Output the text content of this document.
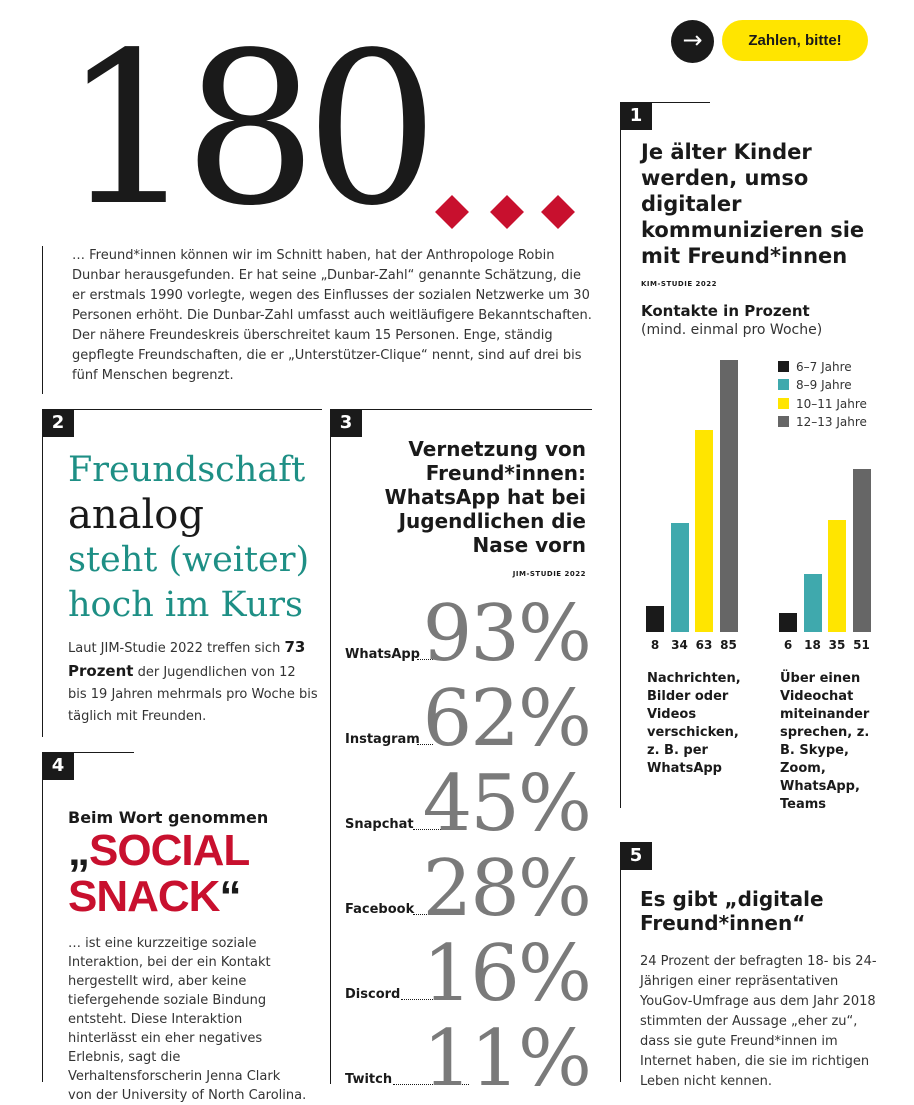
→	Zahlen, bitte!
180
… Freund*innen können wir im Schnitt haben, hat der Anthropologe Robin Dunbar herausgefunden. Er hat seine „Dunbar-Zahl“ genannte Schätzung, die er erstmals 1990 vorlegte, wegen des Einflusses der sozialen Netzwerke um 30 Personen erhöht. Die Dunbar-Zahl umfasst auch weitläufigere Bekanntschaften. Der nähere Freundeskreis überschreitet kaum 15 Personen. Enge, ständig gepflegte Freundschaften, die er „Unterstützer-Clique“ nennt, sind auf drei bis fünf Menschen begrenzt.
2
Freundschaft
analog
steht (weiter)
hoch im Kurs
Laut JIM-Studie 2022 treffen sich 73 Prozent der Jugendlichen von 12 bis 19 Jahren mehrmals pro Woche bis täglich mit Freunden.
4
Beim Wort genommen
„SOCIAL
SNACK“
… ist eine kurzzeitige soziale Interaktion, bei der ein Kontakt hergestellt wird, aber keine tiefergehende soziale Bindung entsteht. Diese Interaktion hinterlässt ein eher negatives Erlebnis, sagt die Verhaltensforscherin Jenna Clark von der University of North Carolina.
3
Vernetzung von Freund*innen: WhatsApp hat bei Jugendlichen die Nase vorn
JIM-STUDIE 2022
WhatsApp 93%
Instagram 62%
Snapchat 45%
Facebook 28%
Discord 16%
Twitch 11%
1
Je älter Kinder werden, umso digitaler kommunizieren sie mit Freund*innen
KIM-STUDIE 2022
Kontakte in Prozent
(mind. einmal pro Woche)
6–7 Jahre
8–9 Jahre
10–11 Jahre
12–13 Jahre
8 34 63 85	6 18 35 51
Nachrichten, Bilder oder Videos verschicken, z. B. per WhatsApp
Über einen Videochat miteinander sprechen, z. B. Skype, Zoom, WhatsApp, Teams
5
Es gibt „digitale Freund*innen“
24 Prozent der befragten 18- bis 24-Jährigen einer repräsentativen YouGov-Umfrage aus dem Jahr 2018 stimmten der Aussage „eher zu“, dass sie gute Freund*innen im Internet haben, die sie im richtigen Leben nicht kennen.
